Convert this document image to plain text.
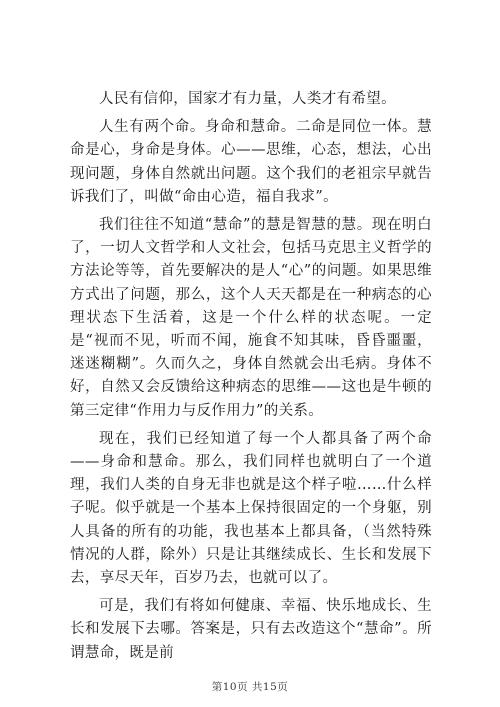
人民有信仰，国家才有力量，人类才有希望。

人生有两个命。身命和慧命。二命是同位一体。慧命是心，身命是身体。心——思维，心态，想法，心出现问题，身体自然就出问题。这个我们的老祖宗早就告诉我们了，叫做“命由心造，福自我求”。

我们往往不知道“慧命”的慧是智慧的慧。现在明白了，一切人文哲学和人文社会，包括马克思主义哲学的方法论等等，首先要解决的是人“心”的问题。如果思维方式出了问题，那么，这个人天天都是在一种病态的心理状态下生活着，这是一个什么样的状态呢。一定是“视而不见，听而不闻，施食不知其味，昏昏噩噩，迷迷糊糊”。久而久之，身体自然就会出毛病。身体不好，自然又会反馈给这种病态的思维——这也是牛顿的第三定律“作用力与反作用力”的关系。

现在，我们已经知道了每一个人都具备了两个命——身命和慧命。那么，我们同样也就明白了一个道理，我们人类的自身无非也就是这个样子啦……什么样子呢。似乎就是一个基本上保持很固定的一个身躯，别人具备的所有的功能，我也基本上都具备，（当然特殊情况的人群，除外）只是让其继续成长、生长和发展下去，享尽天年，百岁乃去，也就可以了。

可是，我们有将如何健康、幸福、快乐地成长、生长和发展下去哪。答案是，只有去改造这个“慧命”。所谓慧命，既是前

第10页 共15页
